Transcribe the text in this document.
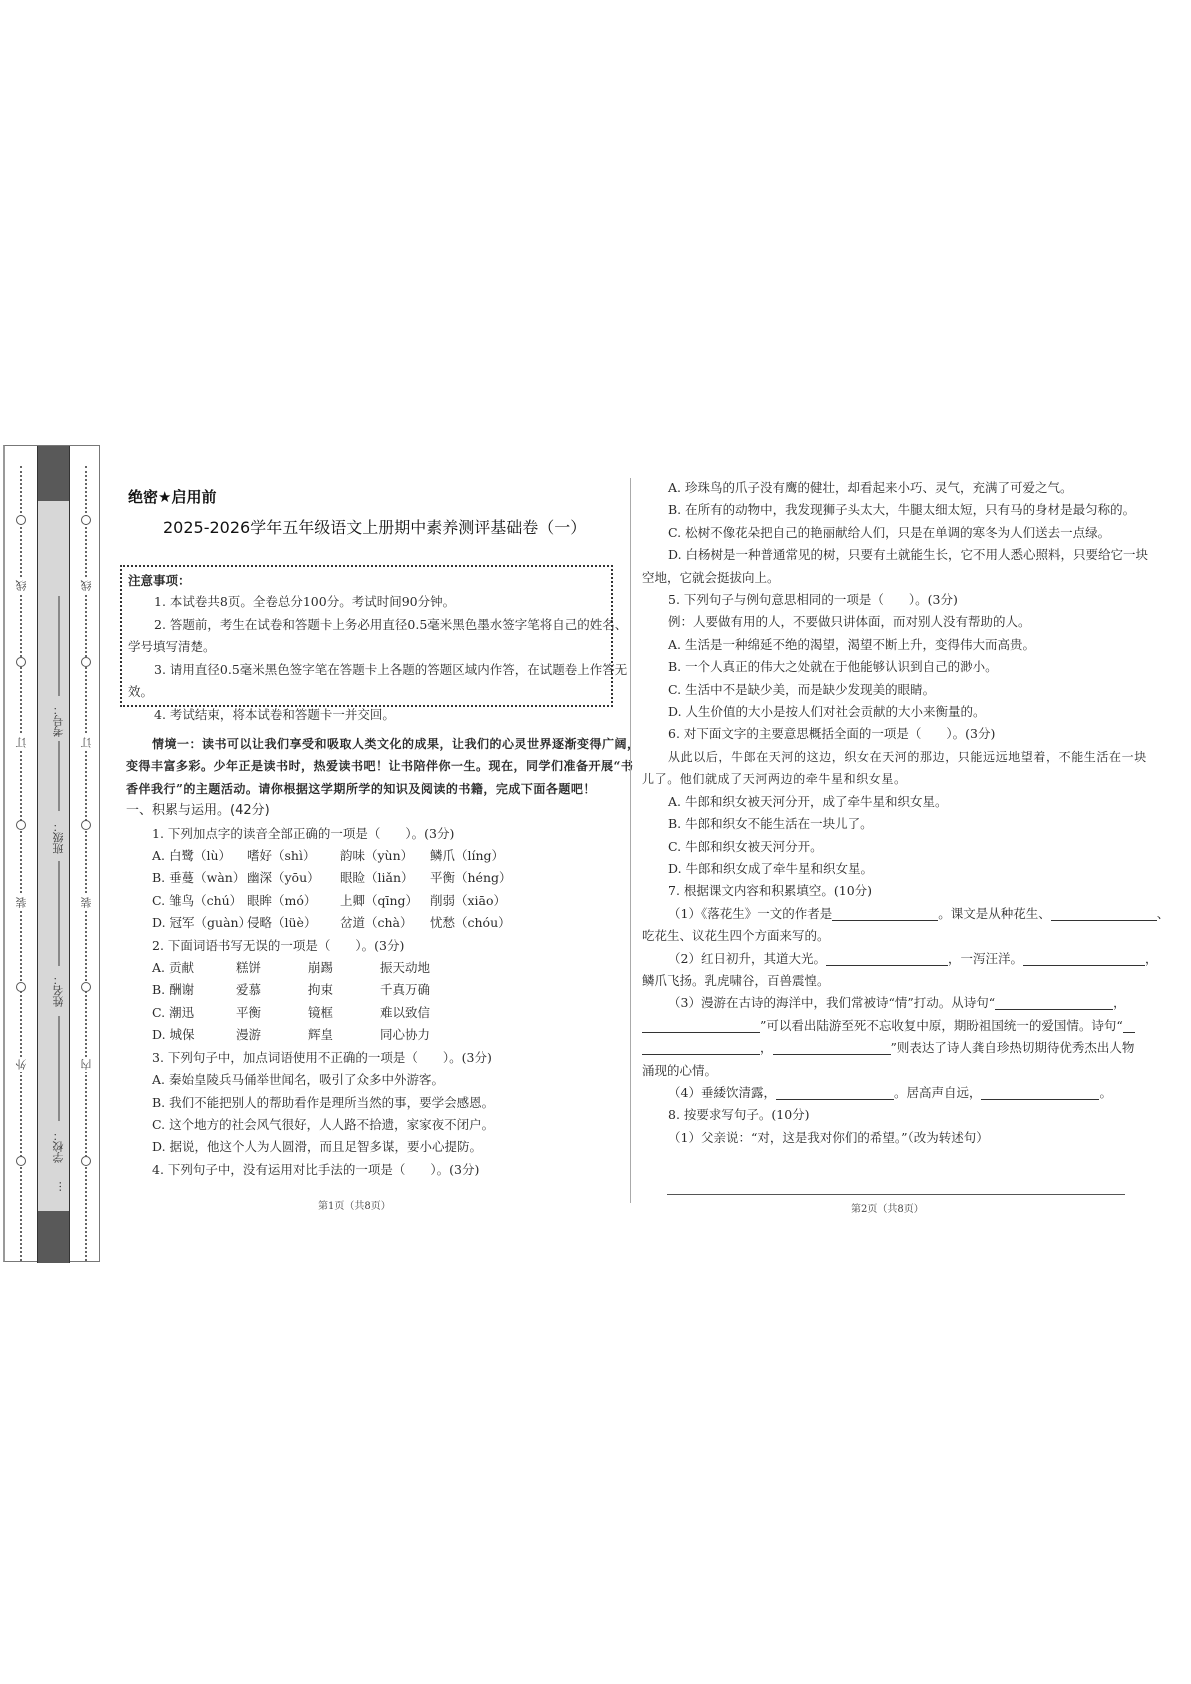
线
订
装
外
线
订
装
内
考号：
班级：
姓名：
学校：
…
绝密★启用前
2025-2026学年五年级语文上册期中素养测评基础卷（一）
注意事项：
1. 本试卷共8页。全卷总分100分。考试时间90分钟。
2. 答题前，考生在试卷和答题卡上务必用直径0.5毫米黑色墨水签字笔将自己的姓名、
学号填写清楚。
3. 请用直径0.5毫米黑色签字笔在答题卡上各题的答题区域内作答，在试题卷上作答无
效。
4. 考试结束，将本试卷和答题卡一并交回。
情境一：读书可以让我们享受和吸取人类文化的成果，让我们的心灵世界逐渐变得广阔，
变得丰富多彩。少年正是读书时，热爱读书吧！让书陪伴你一生。现在，同学们准备开展“书
香伴我行”的主题活动。请你根据这学期所学的知识及阅读的书籍，完成下面各题吧！
一、积累与运用。(42分)
1. 下列加点字的读音全部正确的一项是（　　）。(3分)
A. 白鹭（lù） 嗜好（shì） 韵味（yùn） 鳞爪（líng）
B. 垂蔓（wàn） 幽深（yōu） 眼睑（liǎn） 平衡（héng）
C. 雏鸟（chú） 眼眸（mó） 上卿（qīng） 削弱（xiāo）
D. 冠军（guàn）侵略（lüè） 岔道（chà） 忧愁（chóu）
2. 下面词语书写无误的一项是（　　）。(3分)
A. 贡献	糕饼	崩踢	振天动地
B. 酬谢	爱慕	拘束	千真万确
C. 潮迅	平衡	镜框	难以致信
D. 城保	漫游	辉皇	同心协力
3. 下列句子中，加点词语使用不正确的一项是（　　）。(3分)
A. 秦始皇陵兵马俑举世闻名，吸引了众多中外游客。
B. 我们不能把别人的帮助看作是理所当然的事，要学会感恩。
C. 这个地方的社会风气很好，人人路不拾遗，家家夜不闭户。
D. 据说，他这个人为人圆滑，而且足智多谋，要小心提防。
4. 下列句子中，没有运用对比手法的一项是（　　）。(3分)
第1页（共8页）
A. 珍珠鸟的爪子没有鹰的健壮，却看起来小巧、灵气，充满了可爱之气。
B. 在所有的动物中，我发现狮子头太大，牛腿太细太短，只有马的身材是最匀称的。
C. 松树不像花朵把自己的艳丽献给人们，只是在单调的寒冬为人们送去一点绿。
D. 白杨树是一种普通常见的树，只要有土就能生长，它不用人悉心照料，只要给它一块
空地，它就会挺拔向上。
5. 下列句子与例句意思相同的一项是（　　）。(3分)
例：人要做有用的人，不要做只讲体面，而对别人没有帮助的人。
A. 生活是一种绵延不绝的渴望，渴望不断上升，变得伟大而高贵。
B. 一个人真正的伟大之处就在于他能够认识到自己的渺小。
C. 生活中不是缺少美，而是缺少发现美的眼睛。
D. 人生价值的大小是按人们对社会贡献的大小来衡量的。
6. 对下面文字的主要意思概括全面的一项是（　　）。(3分)
从此以后，牛郎在天河的这边，织女在天河的那边，只能远远地望着，不能生活在一块
儿了。他们就成了天河两边的牵牛星和织女星。
A. 牛郎和织女被天河分开，成了牵牛星和织女星。
B. 牛郎和织女不能生活在一块儿了。
C. 牛郎和织女被天河分开。
D. 牛郎和织女成了牵牛星和织女星。
7. 根据课文内容和积累填空。(10分)
（1）《落花生》一文的作者是	。课文是从种花生、	、
吃花生、议花生四个方面来写的。
（2）红日初升，其道大光。	，一泻汪洋。	，
鳞爪飞扬。乳虎啸谷，百兽震惶。
（3）漫游在古诗的海洋中，我们常被诗“情”打动。从诗句“	，
”可以看出陆游至死不忘收复中原，期盼祖国统一的爱国情。诗句“
，	”则表达了诗人龚自珍热切期待优秀杰出人物
涌现的心情。
（4）垂緌饮清露，	。居高声自远，	。
8. 按要求写句子。(10分)
（1）父亲说：“对，这是我对你们的希望。”（改为转述句）
第2页（共8页）
